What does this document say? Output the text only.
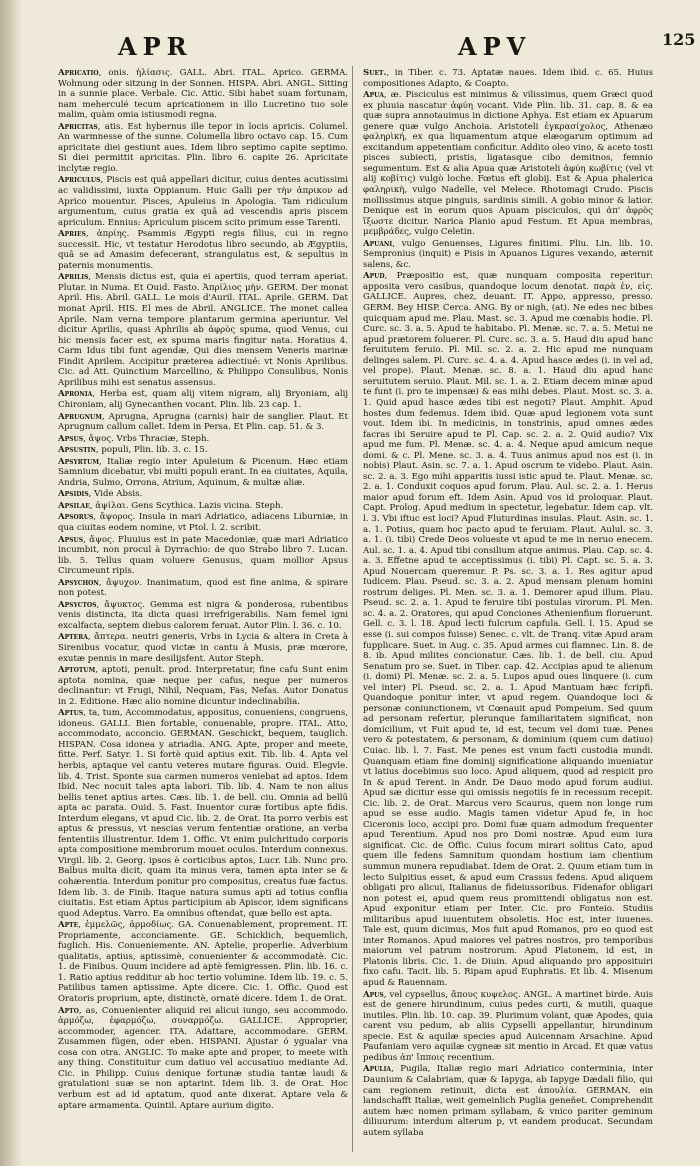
APR	APV	125

Apricatio, onis. ἡλίασις. GALL. Abri. ITAL. Aprico. GERMA. Wohnung oder sitzung in der Sonnen. HISPA. Abri. ANGL. Sitting in a sunnie place. Verbale. Cic. Attic. Sibi habet suam fortunam, nam meherculé tecum apricationem in illo Lucretino tuo sole malim, quàm omia istiusmodi regna.

Apricitas, atis. Est hybernus ille tepor in locis apricis. Columel. An warmnesse of the sunne. Columella libro octavo cap. 15. Cum apricitate diei gestiunt aues. Idem libro septimo capite septimo. Si diei permittit apricitas. Plin. libro 6. capite 26. Apricitate inclytæ regio.

Apriculus, Piscis est quâ appellari dicitur, cuius dentes acutissimi ac validissimi, iuxta Oppianum. Huic Galli per τὴν ἀπρικον ad Aprico mouentur. Pisces, Apuleius in Apologia. Tam ridiculum argumentum, cuius gratia ex quâ ad vescendis apris piscem apriculum. Ennius: Apriculum piscem scito primum esse Tarenti.

Apries, ἀπρίης. Psammis Ægypti regis filius, cui in regno successit. Hic, vt testatur Herodotus libro secundo, ab Ægyptiis, quâ se ad Amasim defecerant, strangulatus est, & sepultus in paternis monumentis.

Aprilis, Mensis dictus est, quia ei apertiis, quod terram aperiat. Plutar. in Numa. Et Ouid. Fasto. Ἀπρίλιος μὴν. GERM. Der monat April. His. Abril. GALL. Le mois d'Auril. ITAL. Aprile. GERM. Dat monat April. HIS. El mes de Abril. ANGLICE. The monet callea Aprile. Nam verna tempore plantarum germina aperiuntur. Vel dicitur Aprilis, quasi Aphrilis ab ἀφρὸς spuma, quod Venus, cui hic mensis facer est, ex spuma maris fingitur nata. Horatius 4. Carm Idus tibi funt agendæ, Qui dies mensem Veneris marinæ Findit Aprilem. Accipitur præterea adiectiué: vt Nonis Aprilibus. Cic. ad Att. Quinctium Marcellino, & Philippo Consulibus, Nonis Aprilibus mihi est senatus assensus.

Apronia, Herba est, quam alij vitem nigram, alij Bryoniam, alij Chironiam, alij Gynecanthen vocant. Plin. lib. 23 cap. 1.

Aprugnum, Aprugna, Aprugna (carnis) hair de sanglier. Plaut. Et Aprugnum callum callet. Idem in Persa. Et Plin. cap. 51. & 3.

Apsus, ἄψος. Vrbs Thraciæ, Steph.

Apsustin, populi, Plin. lib. 3. c. 15.

Apsyrtum, Italiæ regio inter Apuleium & Picenum. Hæc etiam Samnium dicebatur, vbi multi populi erant. In ea ciuitates, Aquila, Andria, Sulmo, Orrona, Atrium, Aquinum, & multæ aliæ.

Apsidis, Vide Absis.

Apsilae, ἀψίλαι. Gens Scythica. Lazis vicina. Steph.

Apsorus, ἄψορος. Insula in mari Adriatico, adiacens Liburniæ, in qua ciuitas eodem nomine, vt Ptol. l. 2. scribit.

Apsus, ἄψος. Fluuius est in pate Macedoniæ, quæ mari Adriatico incumbit, non procul à Dyrrachio: de quo Strabo libro 7. Lucan. lib. 5. Tellus quam voluere Genusus, quam mollior Apsus Circumeunt ripis.

Apsychon, ἄψυχον. Inanimatum, quod est fine anima, & spirare non potest.

Apsyctos, ἄψυκτος. Gemma est nigra & ponderosa, rubentibus venis distincta, ita dicta quasi irrefrigerabilis. Nam femel igni excalfacta, septem diebus calorem feruat. Autor Plin. l. 36. c. 10.

Aptera, ἄπτερα. neutri generis, Vrbs in Lycia & altera in Creta à Sirenibus vocatur, quod victæ in cantu à Musis, præ mœrore, exutæ pennis in mare desilijsfent. Autor Steph.

Aptotum, aptoti, penult. prod. Interpretatur, fine cafu Sunt enim aptota nomina, quæ neque per cafus, neque per numeros declinantur: vt Frugi, Nihil, Nequam, Fas, Nefas. Autor Donatus in 2. Editione. Hæc alio nomine dicuntur indeclinabilia.

Aptus, ta, tum, Accommodatus, appositus, conueniens, congruens, idoneus. GALLI. Bien fortable, conuenable, propre. ITAL. Atto, accommodato, acconcio. GERMAN. Geschickt, bequem, tauglich. HISPAN. Cosa idonea y atriadia. ANG. Apte, proper and meete, fitte. Perf. Satyr. 1. Si fortè quid aptius exit. Tib. lib. 4. Apta vel herbis, aptaque vel cantu veteres mutare figuras. Ouid. Elegvle. lib. 4. Trist. Sponte sua carmen numeros veniebat ad aptos. Idem Ibid. Nec nocuit tales apta labori. Tib. lib. 4. Nam te non alius bellis tenet aptius artes. Cæs. lib. 1. de bell. ciu. Omnia ad bellū apta ac parata. Ouid. 5. Fast. Inuentor curæ fortibus apte fidis. Interdum elegans, vt apud Cic. lib. 2. de Orat. Ita porro verbis est aptus & pressus, vt nescias verum fententiæ oratione, an verba fententiis illustrentur. Idem 1. Offic. Vt enim pulchritudo corporis apta compositione membrorum mouet oculos. Interdum connexus. Virgil. lib. 2. Georg. ipsos è corticibus aptos, Lucr. Lib. Nunc pro. Balbus multa dicit, quam ita minus vera, tamen apta inter se & cohærentia. Interdum ponitur pro compositus, creatus fuæ factus. Idem lib. 3. de Finib. Itaque natura sumus apti ad totius conflia ciuitatis. Est etiam Aptus participium ab Apiscor, idem significans quod Adeptus. Varro. Ea omnibus oftendat, quæ bello est apta.

Apte, ἐμμελῶς, ἁρμοδίως. GA. Conuenablement, proprement. IT. Propriamente, acconciamente. GE. Schicklich, bequemlich, fuglich. His. Conueniemente. AN. Aptelie, properlie. Adverbium qualitatis, aptius, aptissimè, conuenienter & accommodatè. Cic. 1. de Finibus. Quum incidere ad aptè femigressen. Plin. lib. 16. c. 1. Ratio aptius redditur ab hoc tertio volumine. Idem lib. 19. c. 5. Patilibus tamen aptissime. Apte dicere. Cic. 1. Offic. Quod est Oratoris proprium, apte, distinctè, ornatè dicere. Idem 1. de Orat.

Apto, as, Conuenienter aliquid rei alicui iungo, seu accommodo. ἁρμόζω, ἐφαρμόζω, συναρμόζω. GALLICE. Approprier, accommoder, agencer. ITA. Adattare, accommodare. GERM. Zusammen fügen, oder eben. HISPANI. Ajustar ó ygualar vna cosa con otra. ANGLIC. To make apte and proper, to meete with any thing. Constituitur cum datiuo vel accusatiuo mediante Ad. Cic. in Philipp. Cuius denique fortunæ studia tantæ laudi & gratulationi suæ se non aptarint. Idem lib. 3. de Orat. Hoc verbum est ad id aptatum, quod ante dixerat. Aptare vela & aptare armamenta. Quintil. Aptare aurium digito.

Suet., in Tiber. c. 73. Aptatæ naues. Idem ibid. c. 65. Huius compositiones Adapto, & Coapto.

Apua, æ. Pisciculus est minimus & vilissimus, quem Græci quod ex pluuia nascatur ἀφύη vocant. Vide Plin. lib. 31. cap. 8. & ea quæ supra annotauimus in dictione Aphya. Est etiam ex Apuarum genere quæ vulgo Anchoia. Aristoteli ἐγκρασίχολος, Athenæo φαληρὶκή, ex qua liquamentum atque elæogarum optimum ad excitandum appetentiam conficitur. Addito oleo vino, & aceto tosti pisces subiecti, pristis, ligatasque cibo demitnos, femnio segumentum. Est & alia Apua quæ Aristoteli ἀφύη κωβίτις (vel vt alij κοβίτις) vulgò loche. Fœtus eft globij. Est & Apua phalerica φαληρικὴ, vulgo Nadelle, vel Melece. Rhotomagi Crudo. Piscis mollissimus atque pinguis, sardinis simili. A gobio minor & latior. Denique est in eorum quos Apuam pisciculos, qui ἀπ' ἀφρὸς ἴξωστε dicitur. Narica Planio apud Festum. Et Apua membras, μεμβράδες, vulgo Celetin.

Apuani, vulgo Genuenses, Ligures finitimi. Pliu. Lin. lib. 10. Sempronius (inquit) e Pisis in Apuanos Ligures vexando, æternit salens, &c.

Apud, Præpositio est, quæ nunquam composita reperitur: apposita vero casibus, quandoque locum denotat. παρὰ ἐν, εἰς. GALLICE. Aupres, chez, deuant. IT. Appo, appresso, presso. GERM. Bey HISP. Cerca. ANG. By or nigh, (at). Ne edes nec bibes quicquam apud me. Plau. Mast. sc. 3. Apud me cœnabis hodie. Pl. Curc. sc. 3. a. 5. Apud te habitabo. Pl. Menæ. sc. 7. a. 5. Metui ne apud prætorem foluerer. Pl. Curc. sc. 3. a. 5. Haud diu apud hanc feruitutem feruio. Pl. Mil. sc. 2. a. 2. Hic apud me nunquam delinges salem. Pl. Curc. sc. 4. a. 4. Apud hasce ædes (i. in vel ad, vel prope). Plaut. Menæ. sc. 8. a. 1. Haud diu apud hanc seruitutem seruio. Plaut. Mil. sc. 1. a. 2. Etiam decem minæ apud te funt (i. pro te impensæ) & eas mihi debes. Plaut. Most. sc. 3. a. 1. Quid apud hasce ædes tibi est negoti? Plaut. Amphit. Apud hostes dum fedemus. Idem ibid. Quæ apud legionem vota sunt vout. Idem ibi. In medicinis, in tonstrinis, apud omnes ædes facras ibi Seruire apud te Pl. Cap. sc. 2. a. 2. Quid audio? Vix apud me fum. Pl. Menæ. sc. 4. a. 4. Neque apud amicum neque domi. & c. Pl. Mene. sc. 3. a. 4. Tuus animus apud nos est (i. in nobis) Plaut. Asin. sc. 7. a. 1. Apud oscrum te videbo. Plaut. Asin. sc. 2. a. 3. Ego mihi apparitis iussi istic apud te. Plaut. Menæ. sc. 2. a. 1. Conduxit coquos apud forum. Plau. Aul. sc. 2. a. 1. Herus maior apud forum eft. Idem Asin. Apud vos id proloquar. Plaut. Capt. Prolog. Apud medium in spectetur, legebatur. Idem cap. vlt. l. 3. Vbi iftuc est loci? Apud Fluturdinas insulas. Plaut. Asin. sc. 1. a. 1. Potius, quam hoc pacto apud te feruiam. Plaut. Aulul. sc. 3. a. 1. (i. tibi) Crede Deos volueste vt apud te me in neruo enecem. Aul. sc. 1. a. 4. Apud tibi consilium atque animus. Plau. Cap. sc. 4. a. 3. Effetne apud te acceptissimus (i. tibi) Pl. Capt. sc. 5. a. 3. Apud Nouercam queremur. P. Ps. sc. 3. a. 1. Res agitur apud Iudicem. Plau. Pseud. sc. 3. a. 2. Apud mensam plenam homini rostrum deliges. Pl. Men. sc. 3. a. 1. Demorer apud illum. Plau. Pseud. sc. 2. a. 1. Apud te feruire tibi postulas virorum. Pl. Men. sc. 4. a. 2. Oratores, qui apud Conciones Athenienfium floruerunt. Gell. c. 3. l. 18. Apud lecti fulcrum capfula. Gell. l. 15. Apud se esse (i. sui compos fuisse) Senec. c. vlt. de Tranq. vitæ Apud aram fupplicare. Suet. in Aug. c. 35. Apud armes cui flamnec. Lin. 8. de 8. ib. Apud milites concionatur. Cæs. lib. 1. de bell. ciu. Apud Senatum pro se. Suet. in Tiber. cap. 42. Accipias apud te alienum (i. domi) Pl. Menæ. sc. 2. a. 5. Lupos apud oues linquere (i. cum vel inter) Pl. Pseud. sc. 2. a. 1. Apud Mantuam hæc fcripfi. Quandoque ponitur inter, vt apud regem. Quandoque loci & personæ coniunctionem, vt Cœnauit apud Pompeium. Sed quum ad personam refertur, plerunque familiaritatem significat, non domicilium, vt Fuit apud te, id est, tecum vel domi tuæ. Penes vero & potestatem, & personam, & dominium (quem cum datiuo) Cuiac. lib. l. 7. Fast. Me penes est vnum facti custodia mundi. Quanquam etiam fine dominij significatione aliquando inueniatur vt latius docebimus suo loco. Apud aliquem, quod ad respicit pro In & apud Terent. in Andr. De Dauo modo apud forum audiui. Apud sæ dicitur esse qui omissis negotiis fe in recessum recepit. Cic. lib. 2. de Orat. Marcus vero Scaurus, quem non longe rum apud se esse audio. Magis tamen videtur Apud fe, in hoc Ciceronis loco, accipi pro. Domi fuæ quam admodum frequenter apud Terentium. Apud nos pro Domi nostræ. Apud eum iura significat. Cic. de Offic. Cuius focum mirari solitus Cato, apud quem ille fedens Samnitum quondam hostium iam clientium summun munera repudiabat. Idem de Orat. 2. Quum etiam tum in lecto Sulpitius esset, & apud eum Crassus fedens. Apud aliquem obligati pro alicui, Italianus de fideiussoribus. Fidenafor obligari non potest ei, apud quem reus promittendi obligatus non est. Apud exponitur etiam per Inter. Cic. pro Fonteio. Studiis militaribus apud iuuentutem obsoletis. Hoc est, inter iuuenes. Tale est, quum dicimus, Mos fuit apud Romanos, pro eo quod est inter Romanos. Apud maiores vel patres nostros, pro temporibus maiorum vel patrum nostrorum. Apud Platonem, id est, in Platonis libris. Cic. 1. de Diuin. Apud aliquando pro apposituiri fixo cafu. Tacit. lib. 5. Ripam apud Euphratis. Et lib. 4. Misenum apud & Rauennam.

Apus, vel cypsellus, ἄπους κυψελος. ANGL. A martinet birde. Auis est de genere hirundinum, cuius pedes curti, & mutili, quaque inutiles. Plin. lib. 10. cap. 39. Plurimum volant, quæ Apodes, quia carent vsu pedum, ab aliis Cypselli appellantur, hirundinum specie. Est & aquilæ species apud Auicennam Arsachine. Apud Paufaniam vero aquilæ cygneæ sit mentio in Arcad. Et quæ vatus pedibus ἀπ' ἴπποις recentium.

Apulia, Pugila, Italiæ regio mari Adriatico conterminia, inter Daunium & Calabriam, quæ & Iapyga, ab Iapyge Dædali filio, qui cam regionem retinuit, dicta est ἀπουλία. GERMAN. ein landschafft Italiæ, weit gemeinlich Puglia geneñet. Comprehendit autem hæc nomen primam syllabam, & vnico pariter geminum diliuurum: interdum alterum p, vt eandem producat. Secundam autem syllaba
